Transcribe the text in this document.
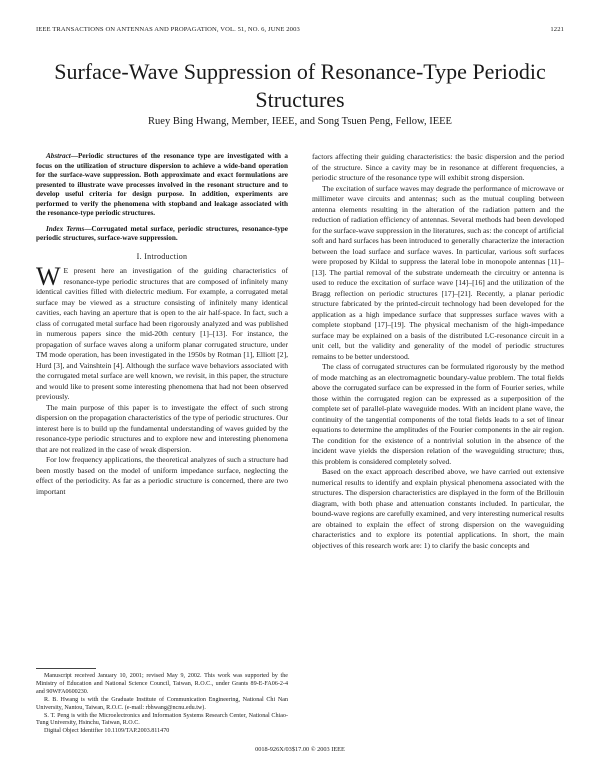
IEEE TRANSACTIONS ON ANTENNAS AND PROPAGATION, VOL. 51, NO. 6, JUNE 2003	1221
Surface-Wave Suppression of Resonance-Type Periodic Structures
Ruey Bing Hwang, Member, IEEE, and Song Tsuen Peng, Fellow, IEEE

Abstract—Periodic structures of the resonance type are investigated with a focus on the utilization of structure dispersion to achieve a wide-band operation for the surface-wave suppression. Both approximate and exact formulations are presented to illustrate wave processes involved in the resonant structure and to develop useful criteria for design purpose. In addition, experiments are performed to verify the phenomena with stopband and leakage associated with the resonance-type periodic structures.

Index Terms—Corrugated metal surface, periodic structures, resonance-type periodic structures, surface-wave suppression.

I. Introduction

W E present here an investigation of the guiding characteristics of resonance-type periodic structures that are composed of infinitely many identical cavities filled with dielectric medium. For example, a corrugated metal surface may be viewed as a structure consisting of infinitely many identical cavities, each having an aperture that is open to the air half-space. In fact, such a class of corrugated metal surface had been rigorously analyzed and was published in numerous papers since the mid-20th century [1]–[13]. For instance, the propagation of surface waves along a uniform planar corrugated structure, under TM mode operation, has been investigated in the 1950s by Rotman [1], Elliott [2], Hurd [3], and Vainshtein [4]. Although the surface wave behaviors associated with the corrugated metal surface are well known, we revisit, in this paper, the structure and would like to present some interesting phenomena that had not been observed previously.

The main purpose of this paper is to investigate the effect of such strong dispersion on the propagation characteristics of the type of periodic structures. Our interest here is to build up the fundamental understanding of waves guided by the resonance-type periodic structures and to explore new and interesting phenomena that are not realized in the case of weak dispersion.

For low frequency applications, the theoretical analyzes of such a structure had been mostly based on the model of uniform impedance surface, neglecting the effect of the periodicity. As far as a periodic structure is concerned, there are two important

factors affecting their guiding characteristics: the basic dispersion and the period of the structure. Since a cavity may be in resonance at different frequencies, a periodic structure of the resonance type will exhibit strong dispersion.

The excitation of surface waves may degrade the performance of microwave or millimeter wave circuits and antennas; such as the mutual coupling between antenna elements resulting in the alteration of the radiation pattern and the reduction of radiation efficiency of antennas. Several methods had been developed for the surface-wave suppression in the literatures, such as: the concept of artificial soft and hard surfaces has been introduced to generally characterize the interaction between the load surface and surface waves. In particular, various soft surfaces were proposed by Kildal to suppress the lateral lobe in monopole antennas [11]–[13]. The partial removal of the substrate underneath the circuitry or antenna is used to reduce the excitation of surface wave [14]–[16] and the utilization of the Bragg reflection on periodic structures [17]–[21]. Recently, a planar periodic structure fabricated by the printed-circuit technology had been developed for the application as a high impedance surface that suppresses surface waves with a complete stopband [17]–[19]. The physical mechanism of the high-impedance surface may be explained on a basis of the distributed LC-resonance circuit in a unit cell, but the validity and generality of the model of periodic structures remains to be better understood.

The class of corrugated structures can be formulated rigorously by the method of mode matching as an electromagnetic boundary-value problem. The total fields above the corrugated surface can be expressed in the form of Fourier series, while those within the corrugated region can be expressed as a superposition of the complete set of parallel-plate waveguide modes. With an incident plane wave, the continuity of the tangential components of the total fields leads to a set of linear equations to determine the amplitudes of the Fourier components in the air region. The condition for the existence of a nontrivial solution in the absence of the incident wave yields the dispersion relation of the waveguiding structure; thus, this problem is considered completely solved.

Based on the exact approach described above, we have carried out extensive numerical results to identify and explain physical phenomena associated with the structures. The dispersion characteristics are displayed in the form of the Brillouin diagram, with both phase and attenuation constants included. In particular, the bound-wave regions are carefully examined, and very interesting numerical results are obtained to explain the effect of strong dispersion on the waveguiding characteristics and to explore its potential applications. In short, the main objectives of this research work are: 1) to clarify the basic concepts and

Manuscript received January 10, 2001; revised May 9, 2002. This work was supported by the Ministry of Education and National Science Council, Taiwan, R.O.C., under Grants 89-E-FA06-2-4 and 90WFA0600230.

R. B. Hwang is with the Graduate Institute of Communication Engineering, National Chi Nan University, Nantou, Taiwan, R.O.C. (e-mail: rbhwang@ncnu.edu.tw).

S. T. Peng is with the Microelectronics and Information Systems Research Center, National Chiao-Tung University, Hsinchu, Taiwan, R.O.C.

Digital Object Identifier 10.1109/TAP.2003.811470

0018-926X/03$17.00 © 2003 IEEE
